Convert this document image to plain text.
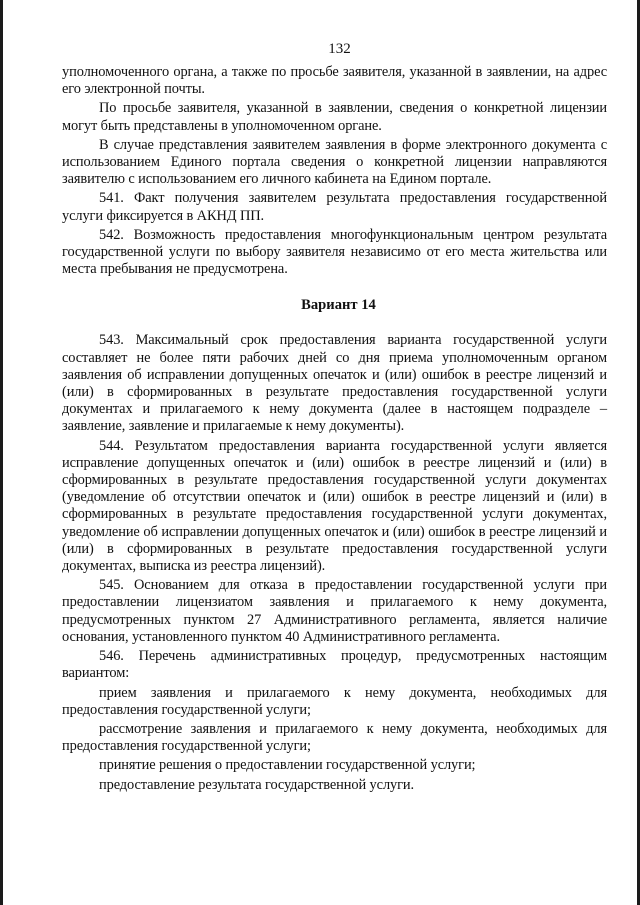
132

уполномоченного органа, а также по просьбе заявителя, указанной в заявлении, на адрес его электронной почты.

По просьбе заявителя, указанной в заявлении, сведения о конкретной лицензии могут быть представлены в уполномоченном органе.

В случае представления заявителем заявления в форме электронного документа с использованием Единого портала сведения о конкретной лицензии направляются заявителю с использованием его личного кабинета на Едином портале.

541. Факт получения заявителем результата предоставления государственной услуги фиксируется в АКНД ПП.

542. Возможность предоставления многофункциональным центром результата государственной услуги по выбору заявителя независимо от его места жительства или места пребывания не предусмотрена.

Вариант 14

543. Максимальный срок предоставления варианта государственной услуги составляет не более пяти рабочих дней со дня приема уполномоченным органом заявления об исправлении допущенных опечаток и (или) ошибок в реестре лицензий и (или) в сформированных в результате предоставления государственной услуги документах и прилагаемого к нему документа (далее в настоящем подразделе – заявление, заявление и прилагаемые к нему документы).

544. Результатом предоставления варианта государственной услуги является исправление допущенных опечаток и (или) ошибок в реестре лицензий и (или) в сформированных в результате предоставления государственной услуги документах (уведомление об отсутствии опечаток и (или) ошибок в реестре лицензий и (или) в сформированных в результате предоставления государственной услуги документах, уведомление об исправлении допущенных опечаток и (или) ошибок в реестре лицензий и (или) в сформированных в результате предоставления государственной услуги документах, выписка из реестра лицензий).

545. Основанием для отказа в предоставлении государственной услуги при предоставлении лицензиатом заявления и прилагаемого к нему документа, предусмотренных пунктом 27 Административного регламента, является наличие основания, установленного пунктом 40 Административного регламента.

546. Перечень административных процедур, предусмотренных настоящим вариантом:

прием заявления и прилагаемого к нему документа, необходимых для предоставления государственной услуги;

рассмотрение заявления и прилагаемого к нему документа, необходимых для предоставления государственной услуги;

принятие решения о предоставлении государственной услуги;

предоставление результата государственной услуги.
